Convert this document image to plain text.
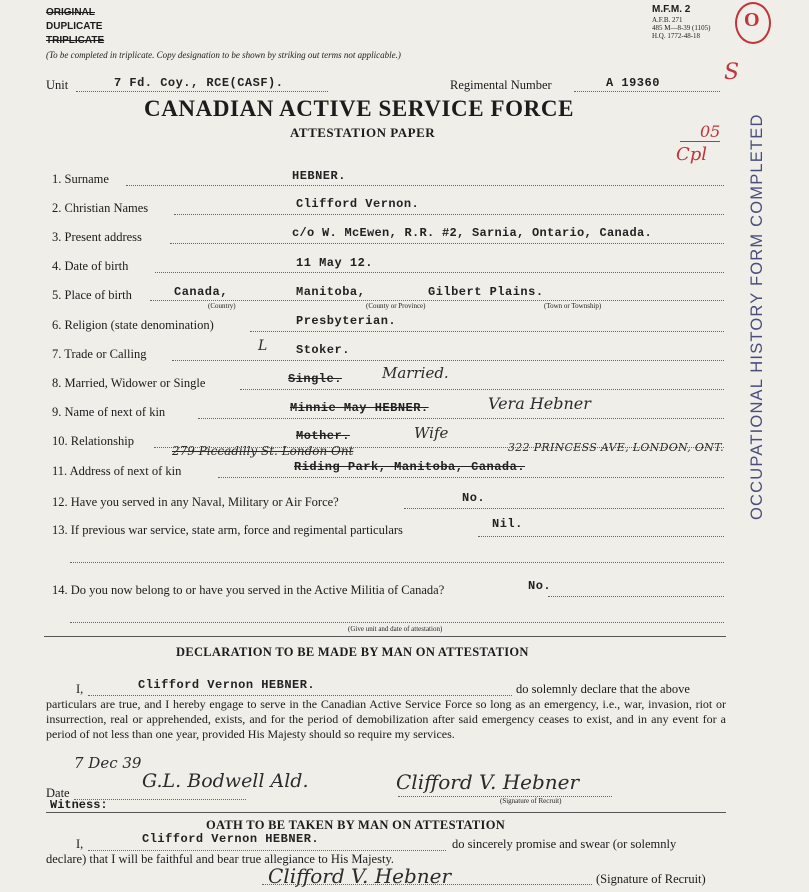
ORIGINAL
DUPLICATE
TRIPLICATE
(To be completed in triplicate. Copy designation to be shown by striking out terms not applicable.)
M.F.M. 2
A.F.B. 271
485 M—8-39 (1105)
H.Q. 1772-48-18
O
S
05
Cpl OCCUPATIONAL HISTORY FORM COMPLETED
Unit	7 Fd. Coy., RCE(CASF).	Regimental Number	A 19360
CANADIAN ACTIVE SERVICE FORCE
ATTESTATION PAPER
1. Surname	HEBNER.
2. Christian Names	Clifford Vernon.
3. Present address	c/o W. McEwen, R.R. #2, Sarnia, Ontario, Canada.
4. Date of birth	11 May 12.
5. Place of birth	Canada,	Manitoba,	Gilbert Plains.
(Country)	(County or Province)	(Town or Township)
6. Religion (state denomination)	Presbyterian.
7. Trade or Calling	L Stoker.
8. Married, Widower or Single	Single.	Married.
9. Name of next of kin	Minnie May HEBNER.	Vera Hebner
10. Relationship	Mother.	Wife
279 Piccadilly St. London Ont	322 PRINCESS AVE, LONDON, ONT.
11. Address of next of kin	Riding Park, Manitoba, Canada.
12. Have you served in any Naval, Military or Air Force?	No.
13. If previous war service, state arm, force and regimental particulars	Nil.
14. Do you now belong to or have you served in the Active Militia of Canada?	No.
(Give unit and date of attestation)
DECLARATION TO BE MADE BY MAN ON ATTESTATION
I,	Clifford Vernon HEBNER.	do solemnly declare that the above

particulars are true, and I hereby engage to serve in the Canadian Active Service Force so long as an emergency, i.e., war, invasion, riot or insurrection, real or apprehended, exists, and for the period of demobilization after said emergency ceases to exist, and in any event for a period of not less than one year, provided His Majesty should so require my services.

7 Dec 39
Date
G.L. Bodwell Ald.	Clifford V. Hebner
(Signature of Recruit)
Witness:
OATH TO BE TAKEN BY MAN ON ATTESTATION
I,	Clifford Vernon HEBNER.	do sincerely promise and swear (or solemnly
declare) that I will be faithful and bear true allegiance to His Majesty.
Clifford V. Hebner	(Signature of Recruit)
